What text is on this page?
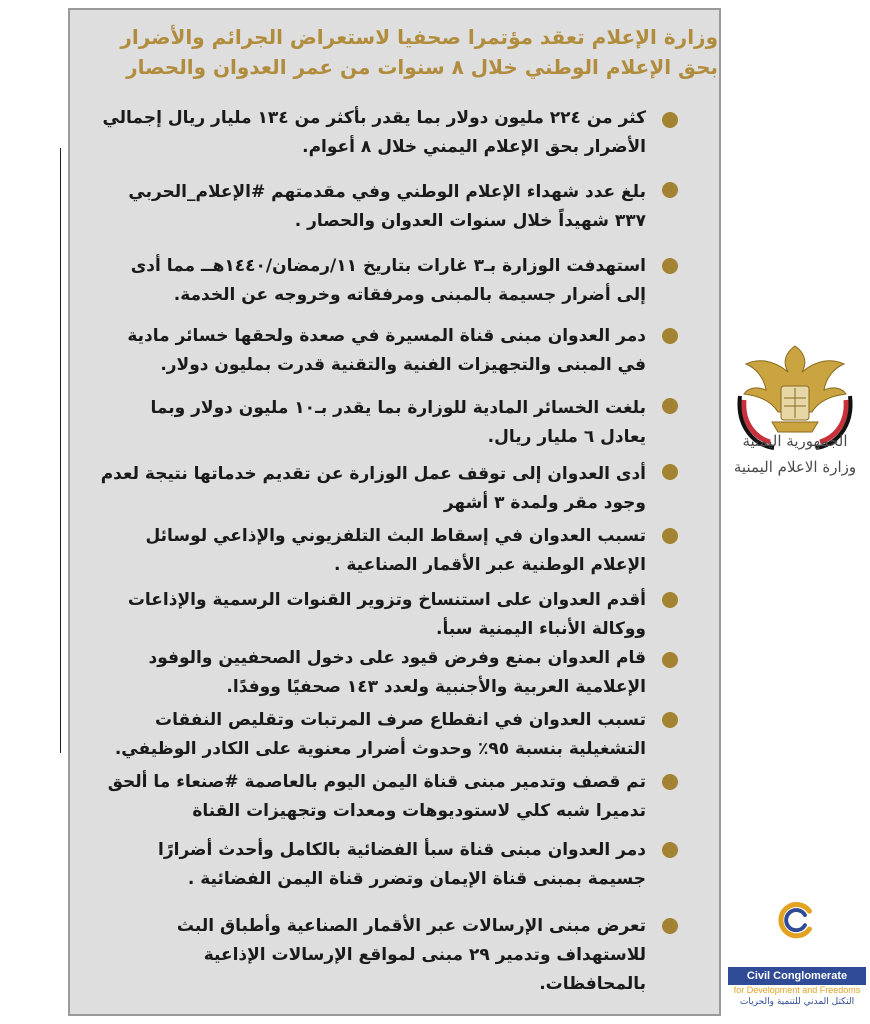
وزارة الإعلام تعقد مؤتمرا صحفيا لاستعراض الجرائم والأضرار بحق الإعلام الوطني خلال ٨ سنوات من عمر العدوان والحصار
كثر من ٢٢٤ مليون دولار بما يقدر بأكثر من ١٣٤ مليار ريال إجمالي الأضرار بحق الإعلام اليمني خلال ٨ أعوام.
بلغ عدد شهداء الإعلام الوطني وفي مقدمتهم #الإعلام_الحربي ٣٣٧ شهيداً خلال سنوات العدوان والحصار .
استهدفت الوزارة بـ٣ غارات بتاريخ ١١/رمضان/١٤٤٠هــ مما أدى إلى أضرار جسيمة بالمبنى ومرفقاته وخروجه عن الخدمة.
دمر العدوان مبنى قناة المسيرة في صعدة ولحقها خسائر مادية في المبنى والتجهيزات الفنية والتقنية قدرت بمليون دولار.
بلغت الخسائر المادية للوزارة بما يقدر بـ١٠ مليون دولار وبما يعادل ٦ مليار ريال.
أدى العدوان إلى توقف عمل الوزارة عن تقديم خدماتها نتيجة لعدم وجود مقر ولمدة ٣ أشهر
تسبب العدوان في إسقاط البث التلفزيوني والإذاعي لوسائل الإعلام الوطنية عبر الأقمار الصناعية .
أقدم العدوان على استنساخ وتزوير القنوات الرسمية والإذاعات ووكالة الأنباء اليمنية سبأ.
قام العدوان بمنع وفرض قيود على دخول الصحفيين والوفود الإعلامية العربية والأجنبية ولعدد ١٤٣ صحفيًا ووفدًا.
تسبب العدوان في انقطاع صرف المرتبات وتقليص النفقات التشغيلية بنسبة ٩٥٪ وحدوث أضرار معنوية على الكادر الوظيفي.
تم قصف وتدمير مبنى قناة اليمن اليوم بالعاصمة #صنعاء ما ألحق تدميرا شبه كلي لاستوديوهات ومعدات وتجهيزات القناة
دمر العدوان مبنى قناة سبأ الفضائية بالكامل وأحدث أضرارًا جسيمة بمبنى قناة الإيمان وتضرر قناة اليمن الفضائية .
تعرض مبنى الإرسالات عبر الأقمار الصناعية وأطباق البث للاستهداف وتدمير ٢٩ مبنى لمواقع الإرسالات الإذاعية بالمحافظات.
الجمهورية اليمنية
وزارة الاعلام اليمنية
Civil Conglomerate
for Development and Freedoms
التكتل المدني للتنمية والحريات
